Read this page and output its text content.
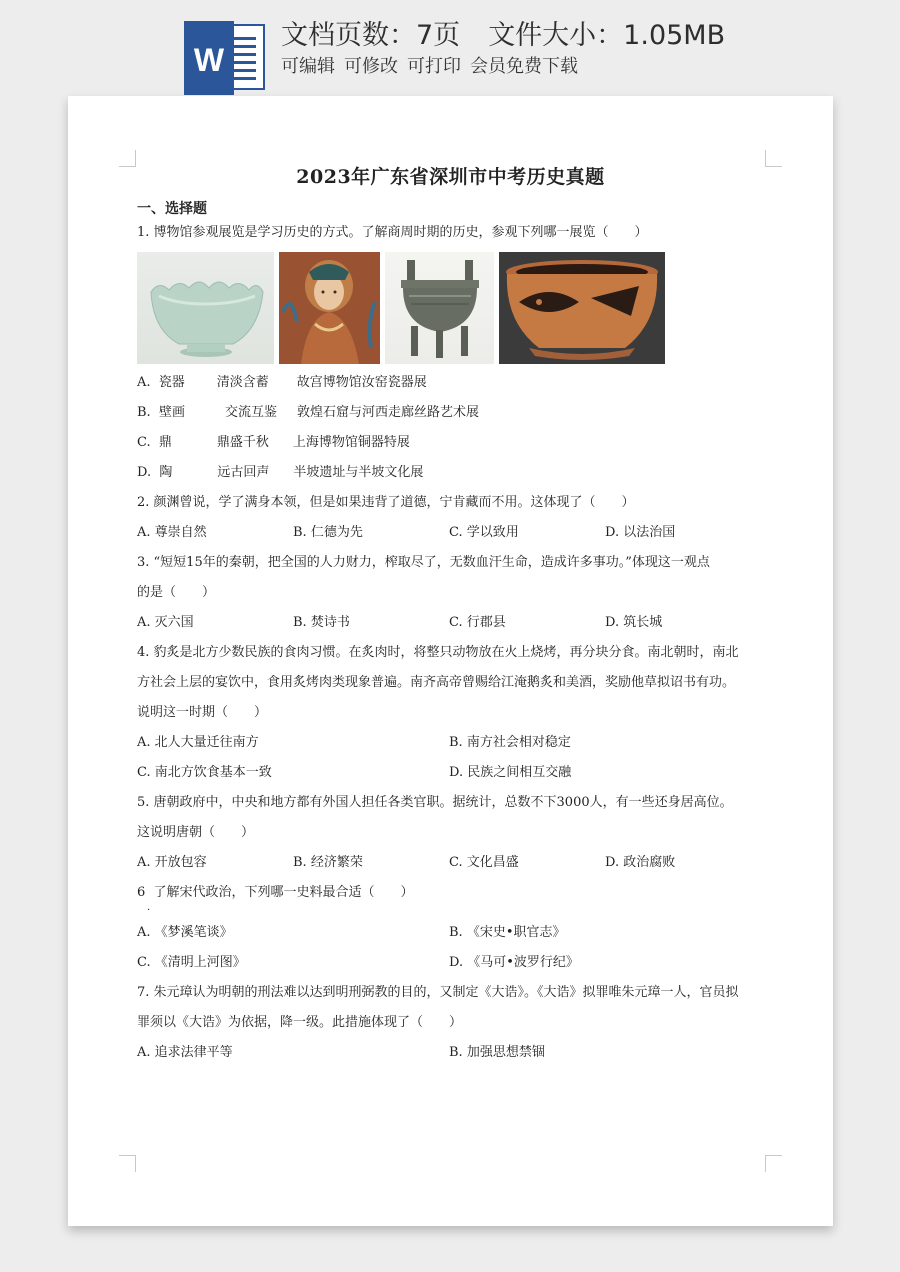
W
文档页数：7页 文件大小：1.05MB
可编辑 可修改 可打印 会员免费下载
2023年广东省深圳市中考历史真题
一、选择题
1. 博物馆参观展览是学习历史的方式。了解商周时期的历史，参观下列哪一展览（　　）
A. 瓷器 清淡含蓄 故宫博物馆汝窑瓷器展
B. 壁画	交流互鉴 敦煌石窟与河西走廊丝路艺术展
C. 鼎	鼎盛千秋 上海博物馆铜器特展
D. 陶	远古回声 半坡遗址与半坡文化展
2. 颜渊曾说，学了满身本领，但是如果违背了道德，宁肯藏而不用。这体现了（　　）
A. 尊崇自然	B. 仁德为先	C. 学以致用	D. 以法治国
3. “短短15年的秦朝，把全国的人力财力，榨取尽了，无数血汗生命，造成许多事功。”体现这一观点
的是（　　）
A. 灭六国	B. 焚诗书	C. 行郡县	D. 筑长城
4. 豹炙是北方少数民族的食肉习惯。在炙肉时，将整只动物放在火上烧烤，再分块分食。南北朝时，南北
方社会上层的宴饮中，食用炙烤肉类现象普遍。南齐高帝曾赐给江淹鹅炙和美酒，奖励他草拟诏书有功。
说明这一时期（　　）
A. 北人大量迁往南方	B. 南方社会相对稳定
C. 南北方饮食基本一致	D. 民族之间相互交融
5. 唐朝政府中，中央和地方都有外国人担任各类官职。据统计，总数不下3000人，有一些还身居高位。
这说明唐朝（　　）
A. 开放包容	B. 经济繁荣	C. 文化昌盛	D. 政治腐败
6 了解宋代政治，下列哪一史料最合适（　　）
.
A. 《梦溪笔谈》	B. 《宋史•职官志》
C. 《清明上河图》	D. 《马可•波罗行纪》
7. 朱元璋认为明朝的刑法难以达到明刑弼教的目的，又制定《大诰》。《大诰》拟罪唯朱元璋一人，官员拟
罪须以《大诰》为依据，降一级。此措施体现了（　　）
A. 追求法律平等	B. 加强思想禁锢
